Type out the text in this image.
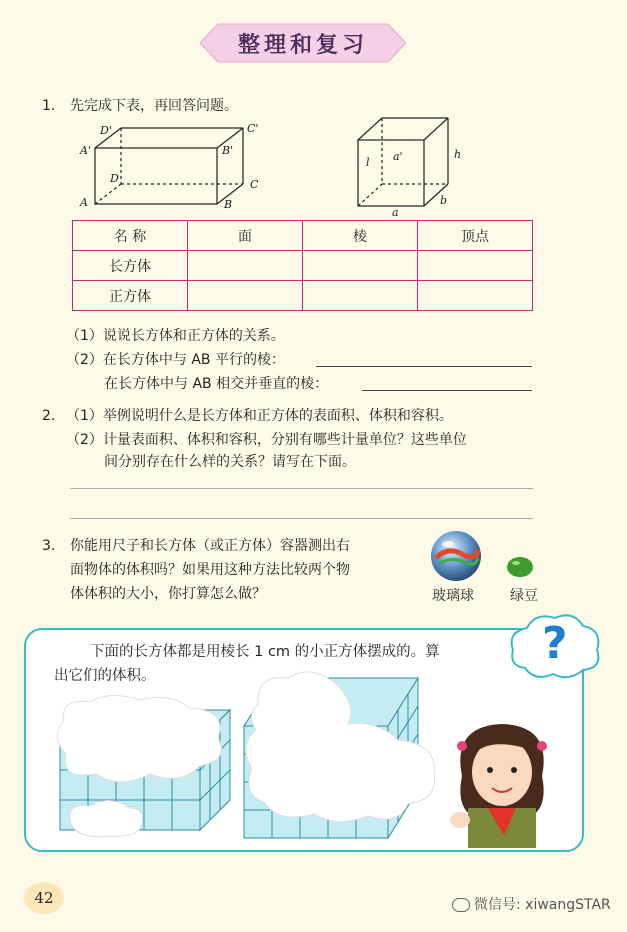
整理和复习
1. 先完成下表，再回答问题。
D'	C'
A'	B'
D	C
A	B
l a'	h
b
a
名 称	面	棱	顶点
长方体			
正方体			
（1）说说长方体和正方体的关系。
（2）在长方体中与 AB 平行的棱：
在长方体中与 AB 相交并垂直的棱：
2. （1）举例说明什么是长方体和正方体的表面积、体积和容积。
（2）计量表面积、体积和容积，分别有哪些计量单位？这些单位
间分别存在什么样的关系？请写在下面。
3. 你能用尺子和长方体（或正方体）容器测出右
面物体的体积吗？如果用这种方法比较两个物
体体积的大小，你打算怎么做？	玻璃球	绿豆
下面的长方体都是用棱长 1 cm 的小正方体摆成的。算
出它们的体积。
?
42	微信号: xiwangSTAR
